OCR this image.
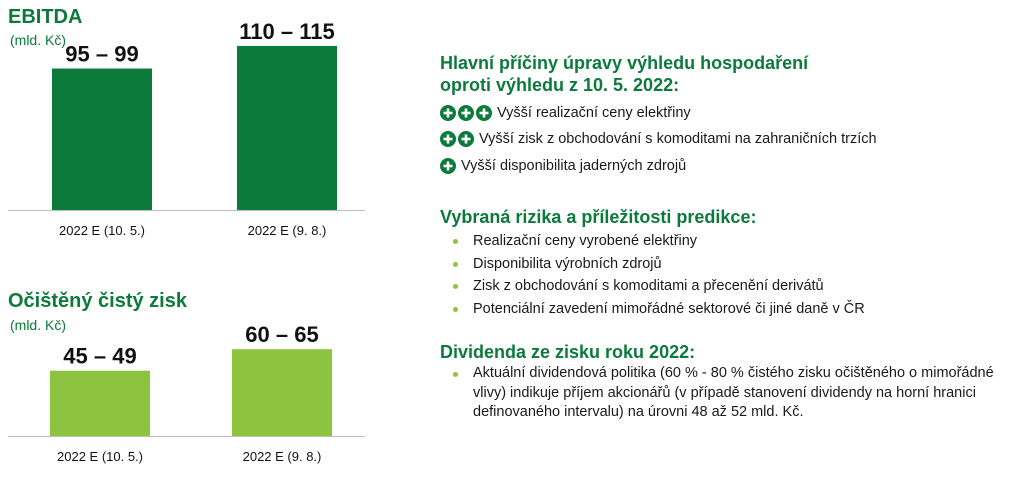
EBITDA
(mld. Kč)
95 – 99
2022 E (10. 5.)
110 – 115
2022 E (9. 8.)
Očištěný čistý zisk
(mld. Kč)
45 – 49
2022 E (10. 5.)
60 – 65
2022 E (9. 8.)
Hlavní příčiny úpravy výhledu hospodaření
oproti výhledu z 10. 5. 2022:
Vyšší realizační ceny elektřiny
Vyšší zisk z obchodování s komoditami na zahraničních trzích
Vyšší disponibilita jaderných zdrojů
Vybraná rizika a příležitosti predikce:
Realizační ceny vyrobené elektřiny
Disponibilita výrobních zdrojů
Zisk z obchodování s komoditami a přecenění derivátů
Potenciální zavedení mimořádné sektorové či jiné daně v ČR
Dividenda ze zisku roku 2022:
Aktuální dividendová politika (60 % - 80 % čistého zisku očištěného o mimořádné vlivy) indikuje příjem akcionářů (v případě stanovení dividendy na horní hranici definovaného intervalu) na úrovni 48 až 52 mld. Kč.
